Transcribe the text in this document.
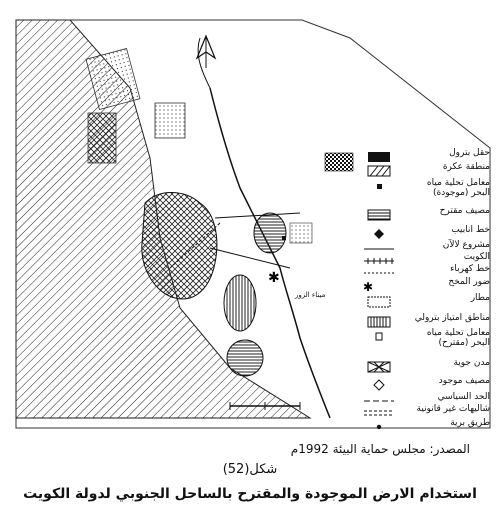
✱
ميناء الزور
حقل بترول
منطقة عكرة
معامل تحلية مياه البحر (موجودة)
مصيف مقترح
خط انابيب
مشروع لالآن
الكويت
خط كهرباء
ضور المخح
✱
مطار
مناطق امتياز بترولي
معامل تحلية مياه البحر (مقترح)
مدن جوية
مصيف موجود
الحد السياسي
شاليهات غير قانونية
طريق برية
المصدر: مجلس حماية البيئة 1992م
شكل(52)
استخدام الارض الموجودة والمقترح بالساحل الجنوبي لدولة الكويت
